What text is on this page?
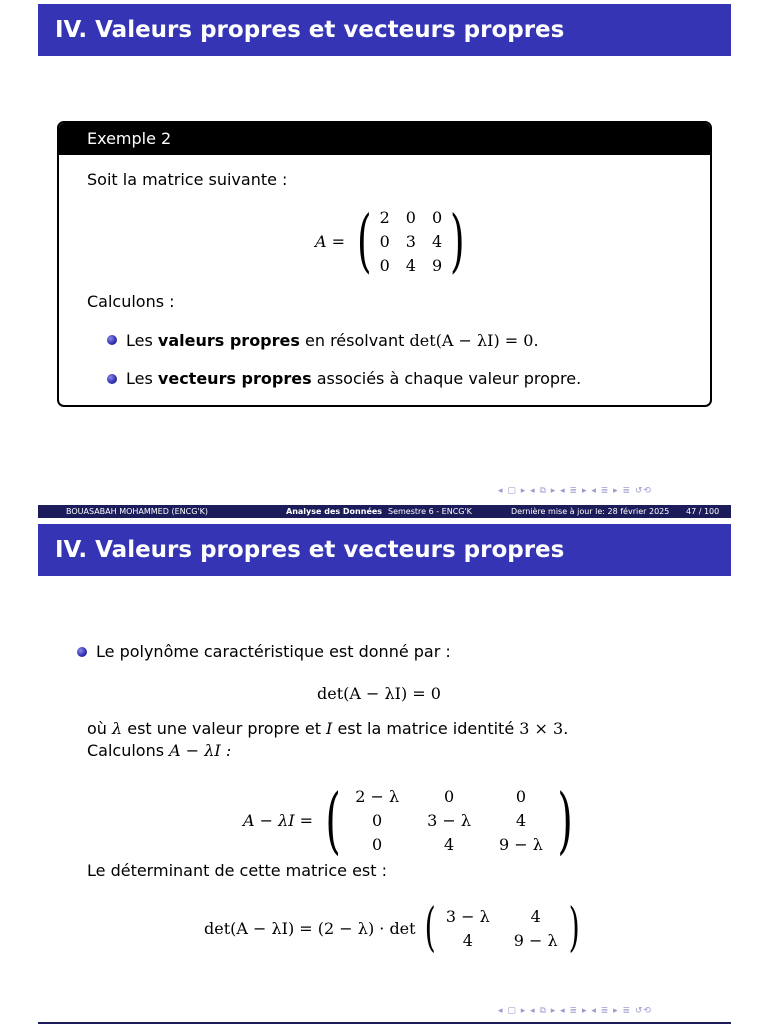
IV. Valeurs propres et vecteurs propres
Exemple 2
Soit la matrice suivante :
A = ( 2	0	0
0	3	4
0	4	9 )
Calculons :
Les valeurs propres en résolvant det(A − λI) = 0.
Les vecteurs propres associés à chaque valeur propre.
◂ ▢ ▸ ◂ ⧉ ▸ ◂ ≣ ▸ ◂ ≣ ▸ ≣ ↺⟲
BOUASABAH MOHAMMED (ENCG'K)	Analyse des Données Semestre 6 - ENCG'K	Dernière mise à jour le: 28 février 2025 47 / 100
IV. Valeurs propres et vecteurs propres
Le polynôme caractéristique est donné par :
det(A − λI) = 0
où λ est une valeur propre et I est la matrice identité 3 × 3.
Calculons A − λI :
A − λI = ( 2 − λ	0	0
0	3 − λ	4
0	4	9 − λ )
Le déterminant de cette matrice est :
det(A − λI) = (2 − λ) · det ( 3 − λ	4
4	9 − λ )
◂ ▢ ▸ ◂ ⧉ ▸ ◂ ≣ ▸ ◂ ≣ ▸ ≣ ↺⟲
